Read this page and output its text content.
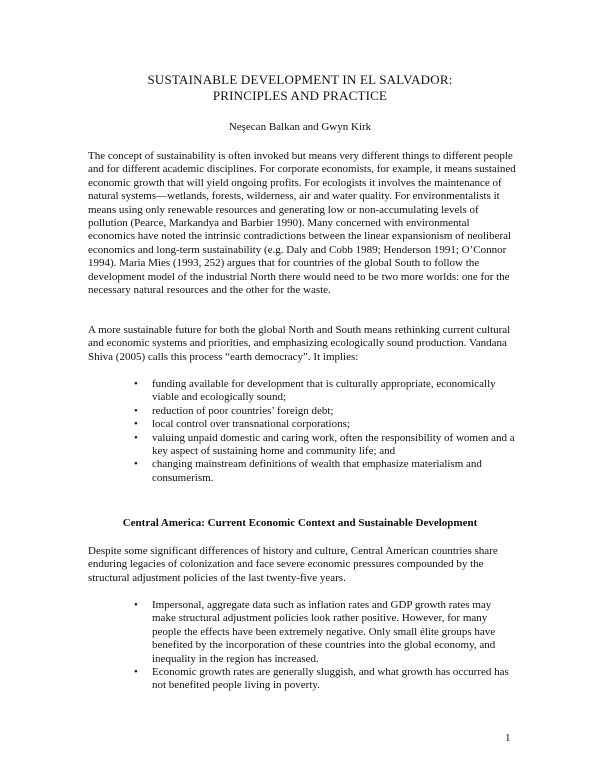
SUSTAINABLE DEVELOPMENT IN EL SALVADOR:
PRINCIPLES AND PRACTICE
Neşecan Balkan and Gwyn Kirk

The concept of sustainability is often invoked but means very different things to different people and for different academic disciplines. For corporate economists, for example, it means sustained economic growth that will yield ongoing profits. For ecologists it involves the maintenance of natural systems—wetlands, forests, wilderness, air and water quality. For environmentalists it means using only renewable resources and generating low or non-accumulating levels of pollution (Pearce, Markandya and Barbier 1990). Many concerned with environmental economics have noted the intrinsic contradictions between the linear expansionism of neoliberal economics and long-term sustainability (e.g. Daly and Cobb 1989; Henderson 1991; O’Connor 1994). Maria Mies (1993, 252) argues that for countries of the global South to follow the development model of the industrial North there would need to be two more worlds: one for the necessary natural resources and the other for the waste.

A more sustainable future for both the global North and South means rethinking current cultural and economic systems and priorities, and emphasizing ecologically sound production. Vandana Shiva (2005) calls this process “earth democracy”. It implies:

• funding available for development that is culturally appropriate, economically viable and ecologically sound;
• reduction of poor countries’ foreign debt;
• local control over transnational corporations;
• valuing unpaid domestic and caring work, often the responsibility of women and a key aspect of sustaining home and community life; and
• changing mainstream definitions of wealth that emphasize materialism and consumerism.
Central America: Current Economic Context and Sustainable Development

Despite some significant differences of history and culture, Central American countries share enduring legacies of colonization and face severe economic pressures compounded by the structural adjustment policies of the last twenty-five years.

• Impersonal, aggregate data such as inflation rates and GDP growth rates may make structural adjustment policies look rather positive. However, for many people the effects have been extremely negative. Only small élite groups have benefited by the incorporation of these countries into the global economy, and inequality in the region has increased.
• Economic growth rates are generally sluggish, and what growth has occurred has not benefited people living in poverty.
1
